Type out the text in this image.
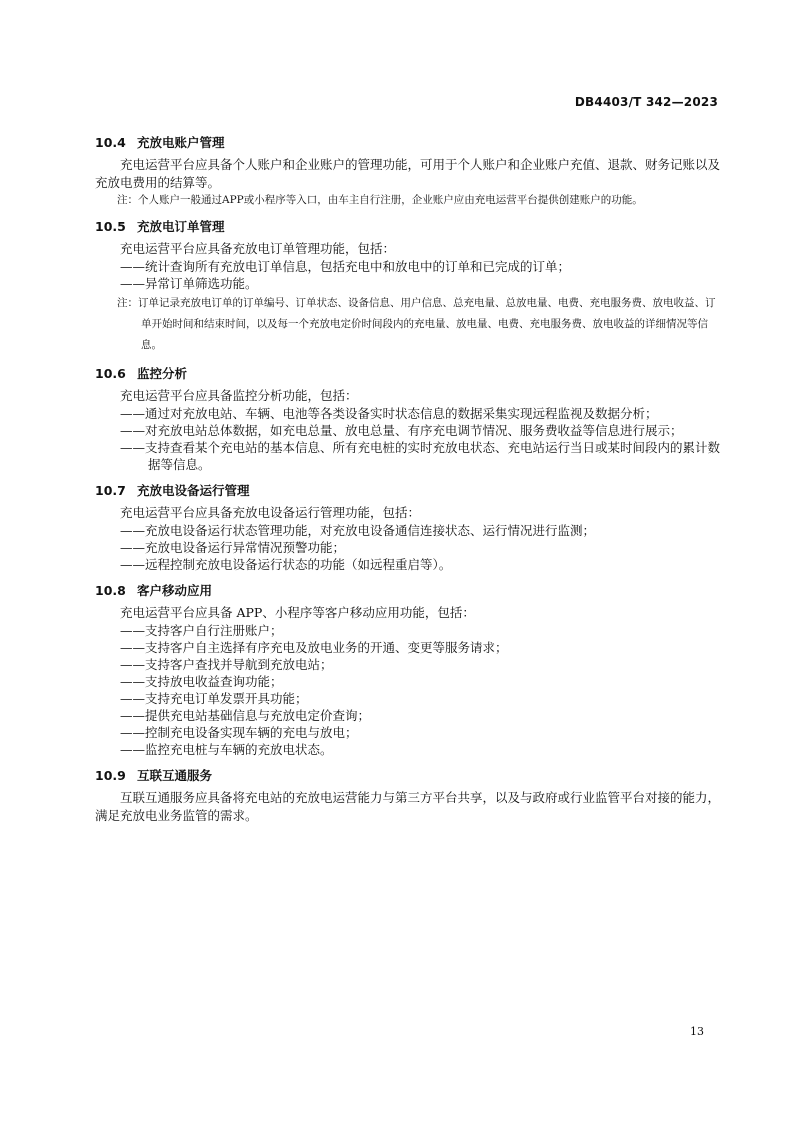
DB4403/T 342—2023
10.4 充放电账户管理

充电运营平台应具备个人账户和企业账户的管理功能，可用于个人账户和企业账户充值、退款、财务记账以及充放电费用的结算等。

注：个人账户一般通过APP或小程序等入口，由车主自行注册，企业账户应由充电运营平台提供创建账户的功能。
10.5 充放电订单管理

充电运营平台应具备充放电订单管理功能，包括：

——统计查询所有充放电订单信息，包括充电中和放电中的订单和已完成的订单；

——异常订单筛选功能。

注：订单记录充放电订单的订单编号、订单状态、设备信息、用户信息、总充电量、总放电量、电费、充电服务费、放电收益、订单开始时间和结束时间，以及每一个充放电定价时间段内的充电量、放电量、电费、充电服务费、放电收益的详细情况等信息。

10.6 监控分析

充电运营平台应具备监控分析功能，包括：

——通过对充放电站、车辆、电池等各类设备实时状态信息的数据采集实现远程监视及数据分析；

——对充放电站总体数据，如充电总量、放电总量、有序充电调节情况、服务费收益等信息进行展示；

——支持查看某个充电站的基本信息、所有充电桩的实时充放电状态、充电站运行当日或某时间段内的累计数据等信息。

10.7 充放电设备运行管理

充电运营平台应具备充放电设备运行管理功能，包括：

——充放电设备运行状态管理功能，对充放电设备通信连接状态、运行情况进行监测；

——充放电设备运行异常情况预警功能；

——远程控制充放电设备运行状态的功能（如远程重启等）。

10.8 客户移动应用

充电运营平台应具备 APP、小程序等客户移动应用功能，包括：

——支持客户自行注册账户；

——支持客户自主选择有序充电及放电业务的开通、变更等服务请求；

——支持客户查找并导航到充放电站；

——支持放电收益查询功能；

——支持充电订单发票开具功能；

——提供充电站基础信息与充放电定价查询；

——控制充电设备实现车辆的充电与放电；

——监控充电桩与车辆的充放电状态。

10.9 互联互通服务

互联互通服务应具备将充电站的充放电运营能力与第三方平台共享，以及与政府或行业监管平台对接的能力，满足充放电业务监管的需求。

13
